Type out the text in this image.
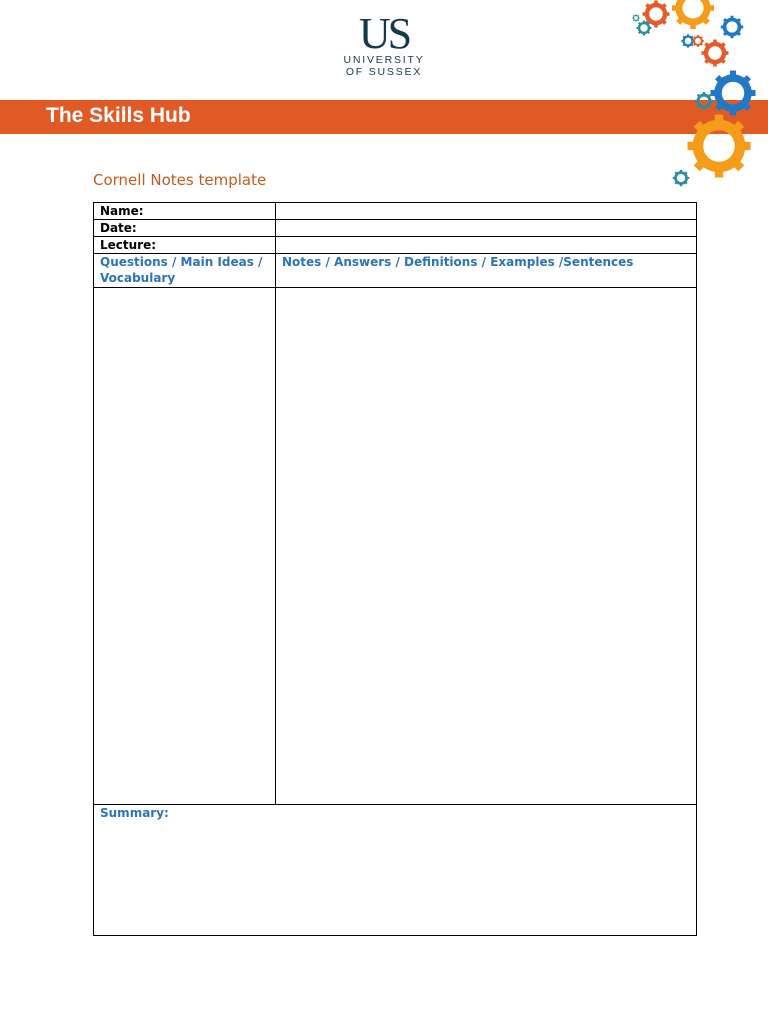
US
UNIVERSITY
OF SUSSEX
The Skills Hub
Cornell Notes template
Name:	
Date:	
Lecture:	
Questions / Main Ideas / Vocabulary	Notes / Answers / Definitions / Examples /Sentences

Summary:	
